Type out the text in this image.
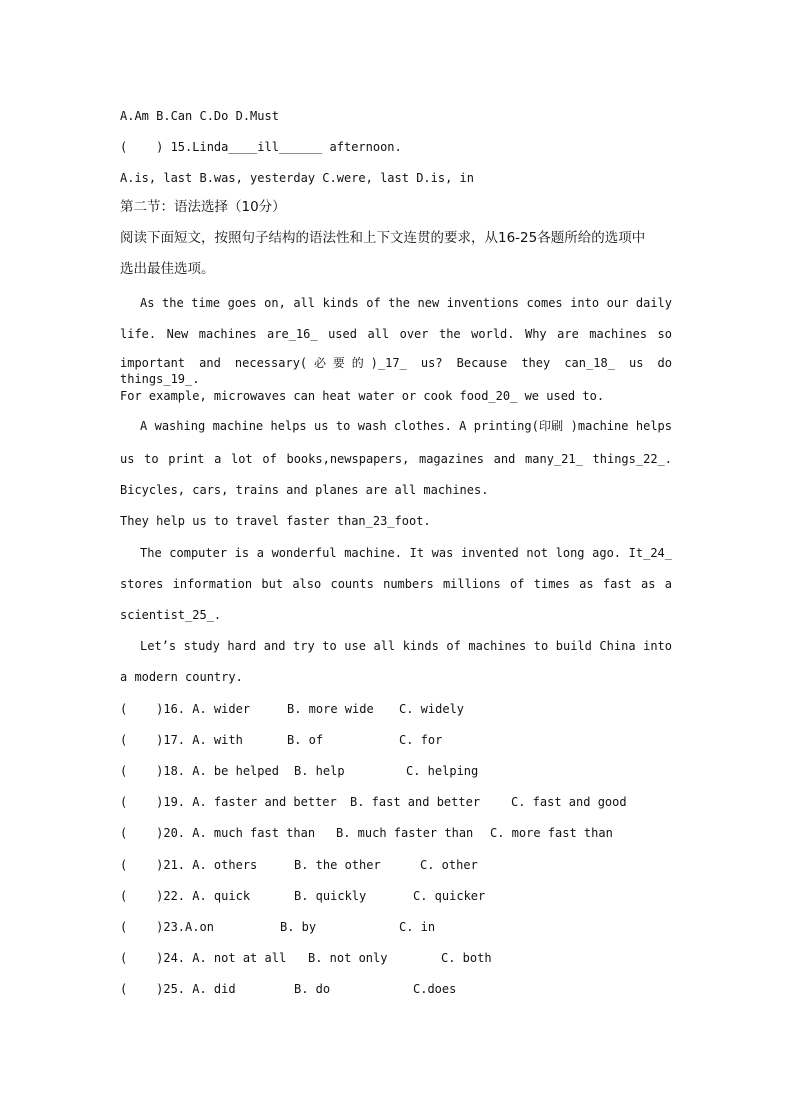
A.Am B.Can C.Do D.Must
(    ) 15.Linda____ill______ afternoon.
A.is, last B.was, yesterday C.were, last D.is, in
第二节：语法选择（10分）
阅读下面短文，按照句子结构的语法性和上下文连贯的要求，从16-25各题所给的选项中
选出最佳选项。
As the time goes on, all kinds of the new inventions comes into our daily
life. New machines are_16_ used all over the world. Why are machines so
important and necessary(必要的)_17_ us? Because they can_18_ us do things_19_.
For example, microwaves can heat water or cook food_20_ we used to.
A washing machine helps us to wash clothes. A printing(印刷 )machine helps
us to print a lot of books,newspapers, magazines and many_21_ things_22_.
Bicycles, cars, trains and planes are all machines.
They help us to travel faster than_23_foot.
The computer is a wonderful machine. It was invented not long ago. It_24_
stores information but also counts numbers millions of times as fast as a
scientist_25_.
Let’s study hard and try to use all kinds of machines to build China into
a modern country.
(    )16. A. wider	B. more wide C. widely
(    )17. A. with	B. of	C. for
(    )18. A. be helped B. help	C. helping
(    )19. A. faster and better B. fast and better	C. fast and good
(    )20. A. much fast than B. much faster than C. more fast than
(    )21. A. others	B. the other	C. other
(    )22. A. quick	B. quickly	C. quicker
(    )23.A.on	B. by	C. in
(    )24. A. not at all B. not only	C. both
(    )25. A. did	B. do	C.does
